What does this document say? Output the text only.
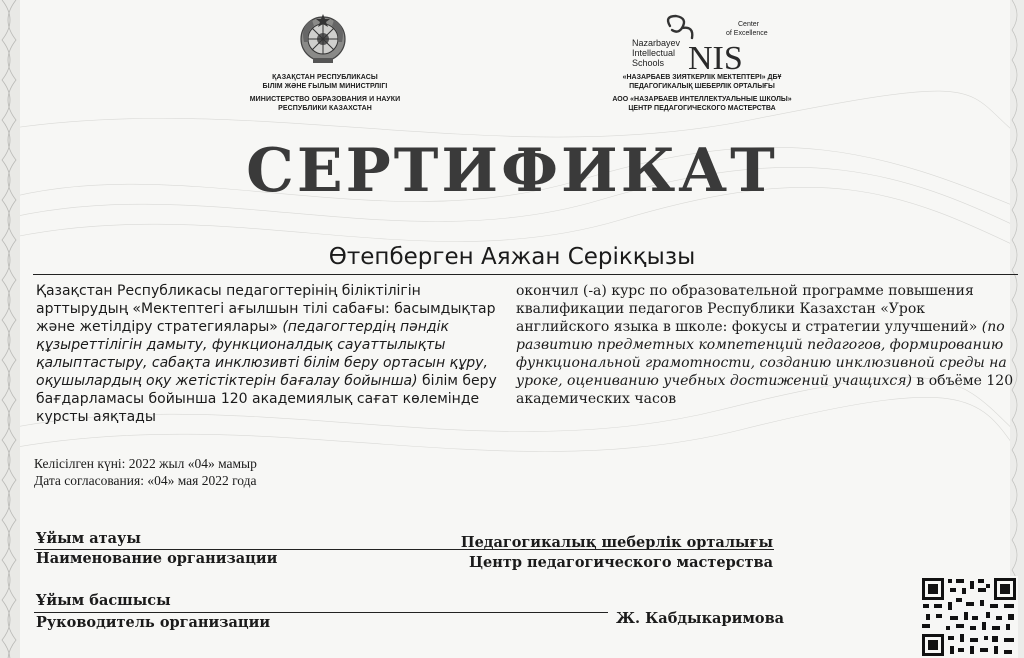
ҚАЗАҚСТАН РЕСПУБЛИКАСЫ
БІЛІМ ЖӘНЕ ҒЫЛЫМ МИНИСТРЛІГІ
МИНИСТЕРСТВО ОБРАЗОВАНИЯ И НАУКИ
РЕСПУБЛИКИ КАЗАХСТАН
Nazarbayev
Intellectual
Schools NIS
Center
of Excellence
«НАЗАРБАЕВ ЗИЯТКЕРЛІК МЕКТЕПТЕРІ» ДБҰ
ПЕДАГОГИКАЛЫҚ ШЕБЕРЛІК ОРТАЛЫҒЫ
АОО «НАЗАРБАЕВ ИНТЕЛЛЕКТУАЛЬНЫЕ ШКОЛЫ»
ЦЕНТР ПЕДАГОГИЧЕСКОГО МАСТЕРСТВА
СЕРТИФИКАТ
Өтепберген Аяжан Серікқызы
Қазақстан Республикасы педагогтерінің біліктілігін арттырудың «Мектептегі ағылшын тілі сабағы: басымдықтар және жетілдіру стратегиялары» (педагогтердің пәндік құзыреттілігін дамыту, функционалдық сауаттылықты қалыптастыру, сабақта инклюзивті білім беру ортасын құру, оқушылардың оқу жетістіктерін бағалау бойынша) білім беру бағдарламасы бойынша 120 академиялық сағат көлемінде курсты аяқтады
окончил (-а) курс по образовательной программе повышения квалификации педагогов Республики Казахстан «Урок английского языка в школе: фокусы и стратегии улучшений» (по развитию предметных компетенций педагогов, формированию функциональной грамотности, созданию инклюзивной среды на уроке, оцениванию учебных достижений учащихся) в объёме 120 академических часов
Келісілген күні: 2022 жыл «04» мамыр
Дата согласования: «04» мая 2022 года
Ұйым атауы	Педагогикалық шеберлік орталығы
Наименование организации	Центр педагогического мастерства
Ұйым басшысы
Руководитель организации	Ж. Кабдыкаримова
